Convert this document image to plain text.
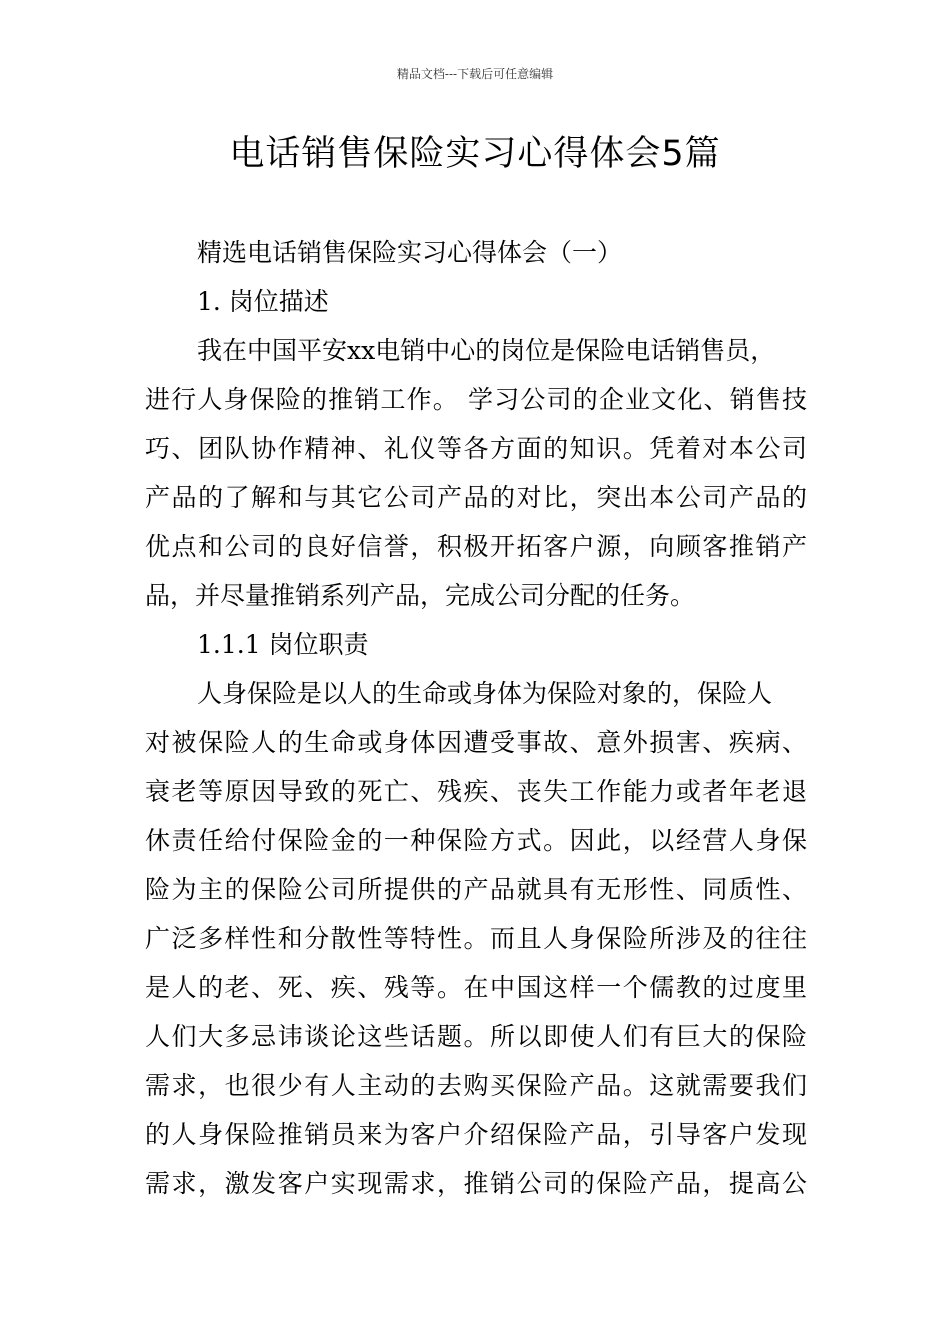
精品文档---下载后可任意编辑
电话销售保险实习心得体会5篇
精选电话销售保险实习心得体会（一）
1. 岗位描述
我在中国平安xx电销中心的岗位是保险电话销售员，
进行人身保险的推销工作。 学习公司的企业文化、销售技
巧、团队协作精神、礼仪等各方面的知识。凭着对本公司
产品的了解和与其它公司产品的对比，突出本公司产品的
优点和公司的良好信誉，积极开拓客户源，向顾客推销产
品，并尽量推销系列产品，完成公司分配的任务。
1.1.1 岗位职责
人身保险是以人的生命或身体为保险对象的，保险人
对被保险人的生命或身体因遭受事故、意外损害、疾病、
衰老等原因导致的死亡、残疾、丧失工作能力或者年老退
休责任给付保险金的一种保险方式。因此，以经营人身保
险为主的保险公司所提供的产品就具有无形性、同质性、
广泛多样性和分散性等特性。而且人身保险所涉及的往往
是人的老、死、疾、残等。在中国这样一个儒教的过度里
人们大多忌讳谈论这些话题。所以即使人们有巨大的保险
需求，也很少有人主动的去购买保险产品。这就需要我们
的人身保险推销员来为客户介绍保险产品，引导客户发现
需求，激发客户实现需求，推销公司的保险产品，提高公
